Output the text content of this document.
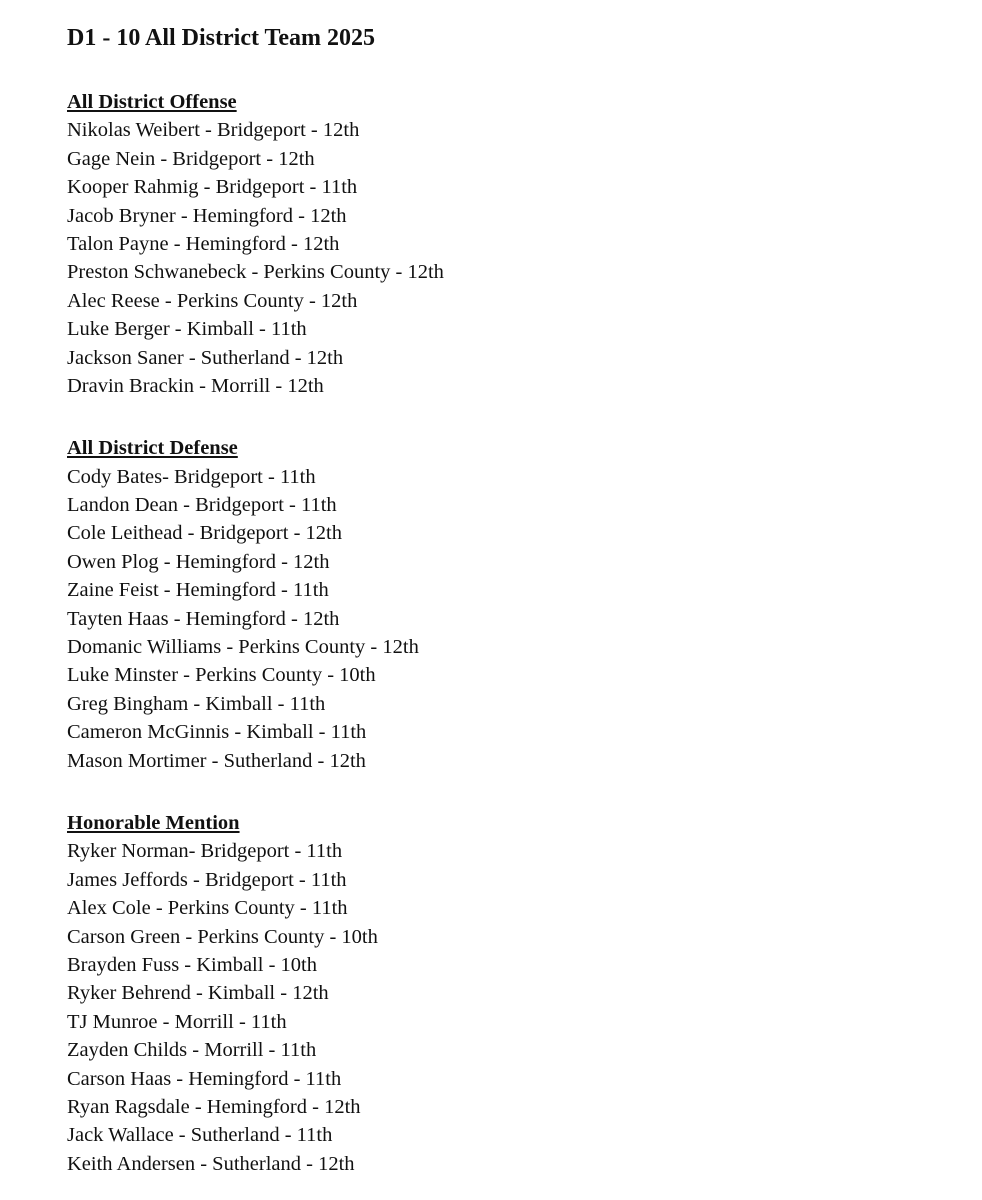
D1 - 10 All District Team 2025
All District Offense
Nikolas Weibert - Bridgeport - 12th
Gage Nein - Bridgeport - 12th
Kooper Rahmig - Bridgeport - 11th
Jacob Bryner - Hemingford - 12th
Talon Payne - Hemingford - 12th
Preston Schwanebeck - Perkins County - 12th
Alec Reese - Perkins County - 12th
Luke Berger - Kimball - 11th
Jackson Saner - Sutherland - 12th
Dravin Brackin - Morrill - 12th
All District Defense
Cody Bates- Bridgeport - 11th
Landon Dean - Bridgeport - 11th
Cole Leithead - Bridgeport - 12th
Owen Plog - Hemingford - 12th
Zaine Feist - Hemingford - 11th
Tayten Haas - Hemingford - 12th
Domanic Williams - Perkins County - 12th
Luke Minster - Perkins County - 10th
Greg Bingham - Kimball - 11th
Cameron McGinnis - Kimball - 11th
Mason Mortimer - Sutherland - 12th
Honorable Mention
Ryker Norman- Bridgeport - 11th
James Jeffords - Bridgeport - 11th
Alex Cole - Perkins County - 11th
Carson Green - Perkins County - 10th
Brayden Fuss - Kimball - 10th
Ryker Behrend - Kimball - 12th
TJ Munroe - Morrill - 11th
Zayden Childs - Morrill - 11th
Carson Haas - Hemingford - 11th
Ryan Ragsdale - Hemingford - 12th
Jack Wallace - Sutherland - 11th
Keith Andersen - Sutherland - 12th
